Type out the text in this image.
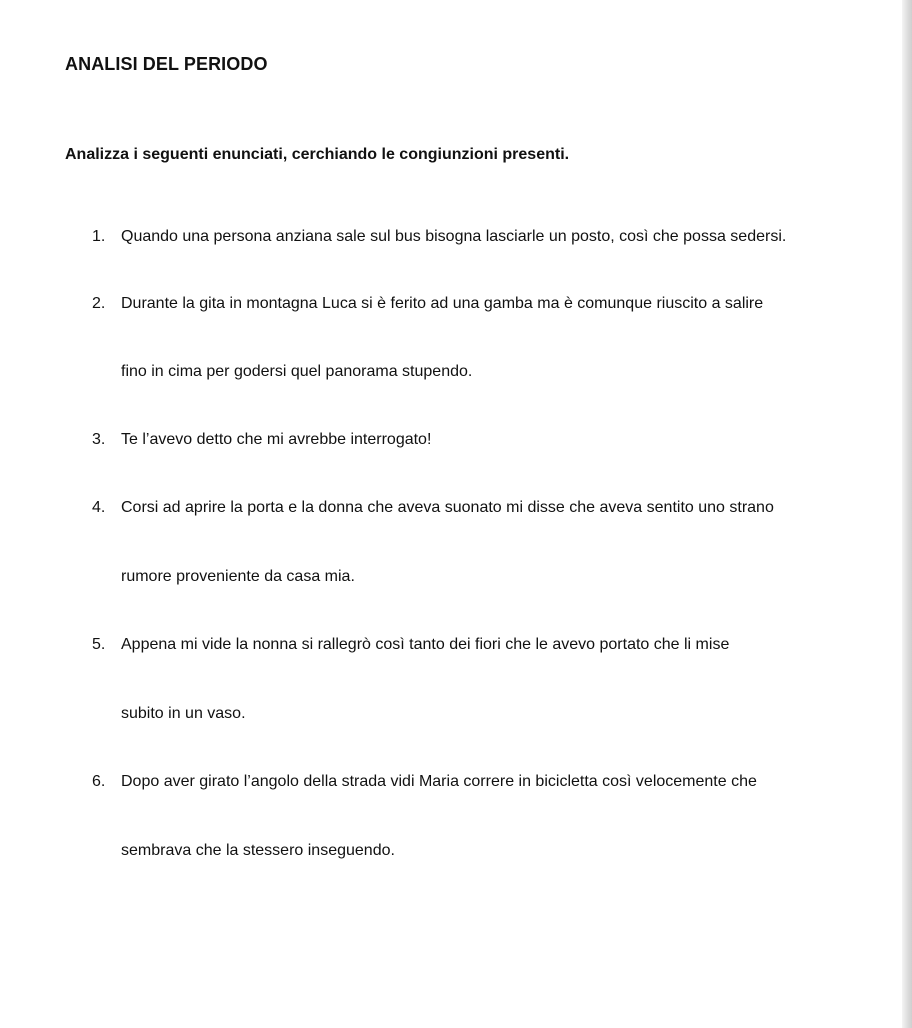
ANALISI DEL PERIODO
Analizza i seguenti enunciati, cerchiando le congiunzioni presenti.
1. Quando una persona anziana sale sul bus bisogna lasciarle un posto, così che possa sedersi.
2. Durante la gita in montagna Luca si è ferito ad una gamba ma è comunque riuscito a salire
fino in cima per godersi quel panorama stupendo.
3. Te l’avevo detto che mi avrebbe interrogato!
4. Corsi ad aprire la porta e la donna che aveva suonato mi disse che aveva sentito uno strano
rumore proveniente da casa mia.
5. Appena mi vide la nonna si rallegrò così tanto dei fiori che le avevo portato che li mise
subito in un vaso.
6. Dopo aver girato l’angolo della strada vidi Maria correre in bicicletta così velocemente che
sembrava che la stessero inseguendo.
